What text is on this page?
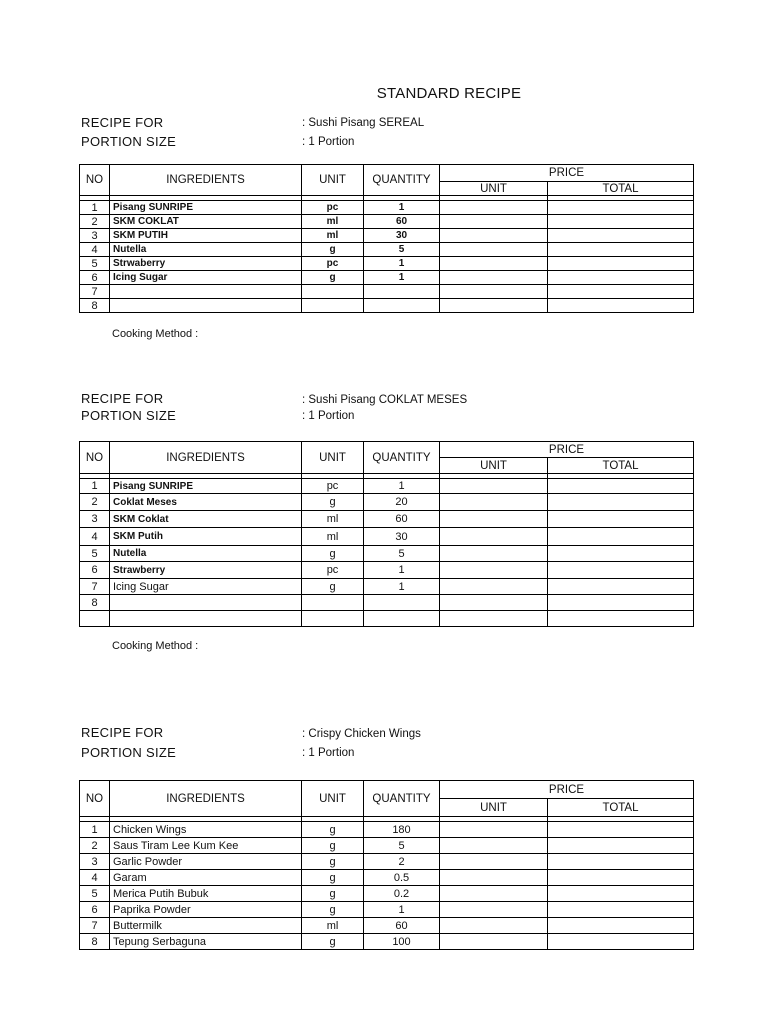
STANDARD RECIPE
RECIPE FOR	: Sushi Pisang SEREAL
PORTION SIZE	: 1 Portion
NO	INGREDIENTS	UNIT	QUANTITY	PRICE	
				UNIT	TOTAL

1	Pisang SUNRIPE	pc	1		
2	SKM COKLAT	ml	60		
3	SKM PUTIH	ml	30		
4	Nutella	g	5		
5	Strwaberry	pc	1		
6	Icing Sugar	g	1		
7					
8					
Cooking Method :
RECIPE FOR	: Sushi Pisang COKLAT MESES
PORTION SIZE	: 1 Portion
NO	INGREDIENTS	UNIT	QUANTITY	PRICE	
				UNIT	TOTAL

1	Pisang SUNRIPE	pc	1		
2	Coklat Meses	g	20		
3	SKM Coklat	ml	60		
4	SKM Putih	ml	30		
5	Nutella	g	5		
6	Strawberry	pc	1		
7	Icing Sugar	g	1		
8					

Cooking Method :
RECIPE FOR	: Crispy Chicken Wings
PORTION SIZE	: 1 Portion
NO	INGREDIENTS	UNIT	QUANTITY	PRICE	
				UNIT	TOTAL

1	Chicken Wings	g	180		
2	Saus Tiram Lee Kum Kee	g	5		
3	Garlic Powder	g	2		
4	Garam	g	0.5		
5	Merica Putih Bubuk	g	0.2		
6	Paprika Powder	g	1		
7	Buttermilk	ml	60		
8	Tepung Serbaguna	g	100		
